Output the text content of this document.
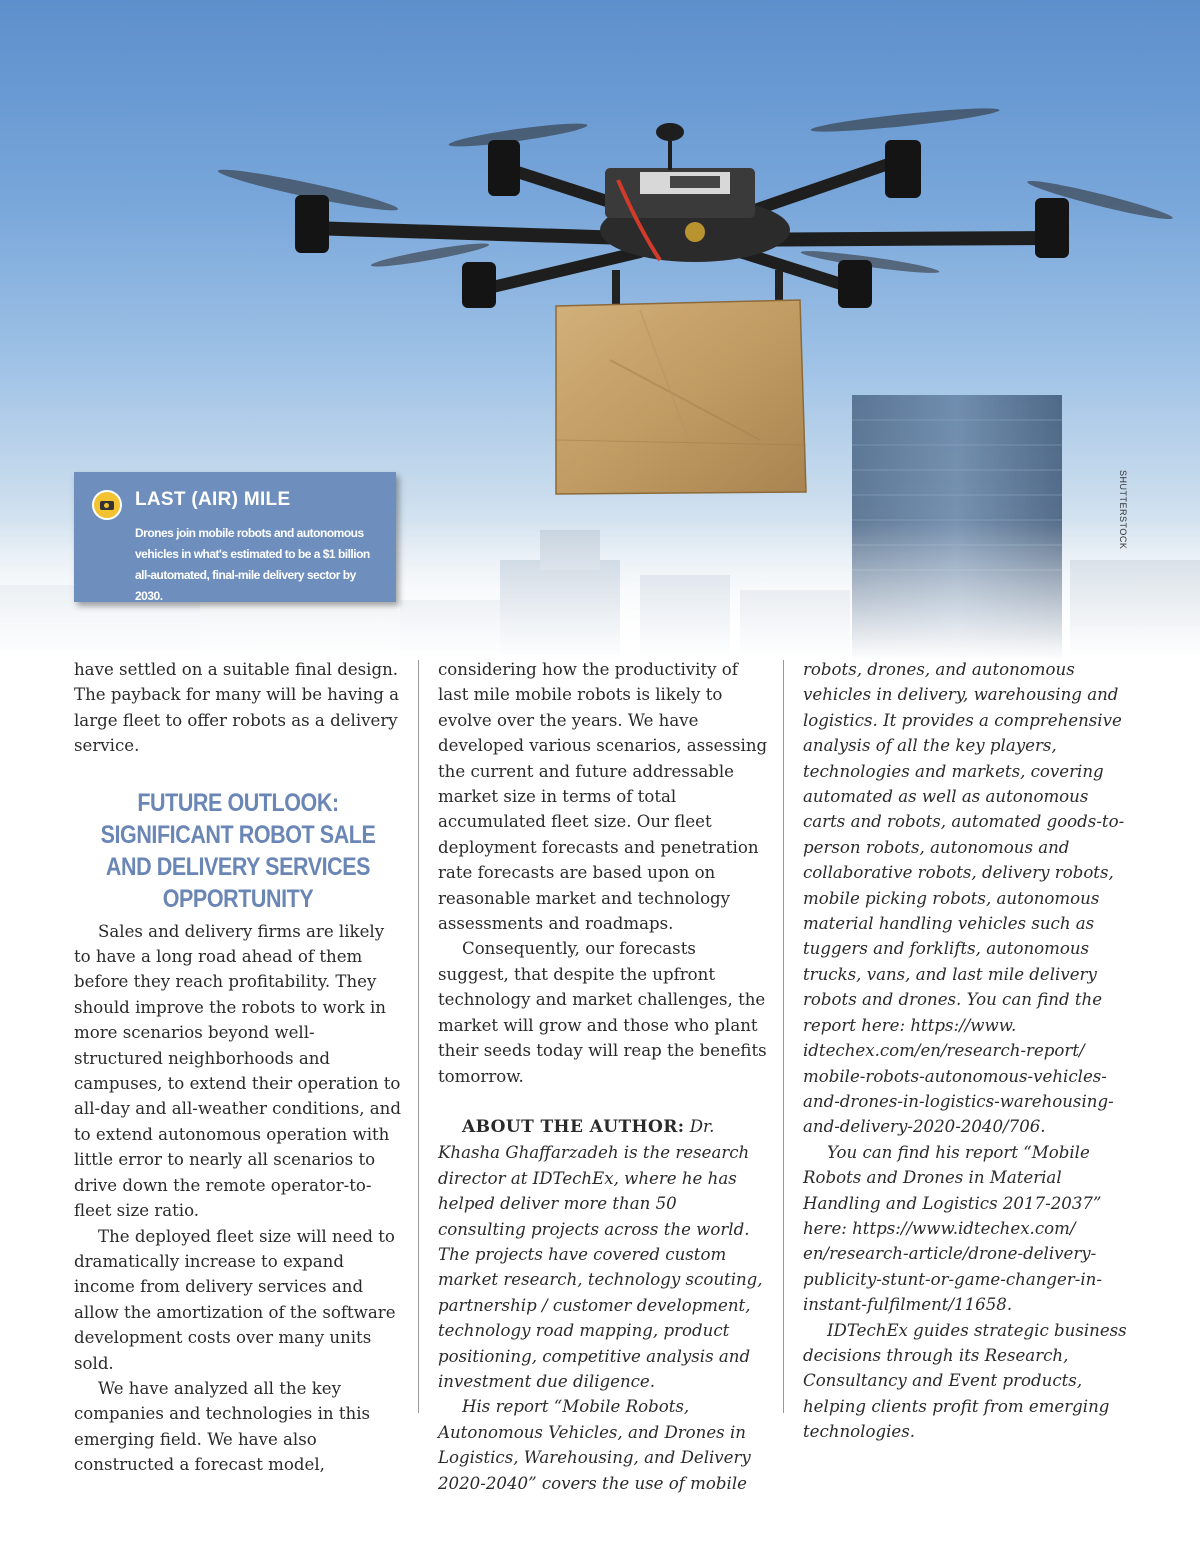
SHUTTERSTOCK
LAST (AIR) MILE
Drones join mobile robots and autonomous vehicles in what's estimated to be a $1 billion all-automated, final-mile delivery sector by 2030.

have settled on a suitable final design. The payback for many will be having a large fleet to offer robots as a delivery service.

FUTURE OUTLOOK: SIGNIFICANT ROBOT SALE AND DELIVERY SERVICES OPPORTUNITY

Sales and delivery firms are likely to have a long road ahead of them before they reach profitability. They should improve the robots to work in more scenarios beyond well-structured neighborhoods and campuses, to extend their operation to all-day and all-weather conditions, and to extend autonomous operation with little error to nearly all scenarios to drive down the remote operator-to-fleet size ratio.

The deployed fleet size will need to dramatically increase to expand income from delivery services and allow the amortization of the software development costs over many units sold.

We have analyzed all the key companies and technologies in this emerging field. We have also constructed a forecast model,

considering how the productivity of last mile mobile robots is likely to evolve over the years. We have developed various scenarios, assessing the current and future addressable market size in terms of total accumulated fleet size. Our fleet deployment forecasts and penetration rate forecasts are based upon on reasonable market and technology assessments and roadmaps.

Consequently, our forecasts suggest, that despite the upfront technology and market challenges, the market will grow and those who plant their seeds today will reap the benefits tomorrow.

ABOUT THE AUTHOR: Dr. Khasha Ghaffarzadeh is the research director at IDTechEx, where he has helped deliver more than 50 consulting projects across the world. The projects have covered custom market research, technology scouting, partnership / customer development, technology road mapping, product positioning, competitive analysis and investment due diligence.

His report “Mobile Robots, Autonomous Vehicles, and Drones in Logistics, Warehousing, and Delivery 2020-2040” covers the use of mobile

robots, drones, and autonomous vehicles in delivery, warehousing and logistics. It provides a comprehensive analysis of all the key players, technologies and markets, covering automated as well as autonomous carts and robots, automated goods-to-person robots, autonomous and collaborative robots, delivery robots, mobile picking robots, autonomous material handling vehicles such as tuggers and forklifts, autonomous trucks, vans, and last mile delivery robots and drones. You can find the report here: https://www. idtechex.com/en/research-report/ mobile-robots-autonomous-vehicles-and-drones-in-logistics-warehousing-and-delivery-2020-2040/706.

You can find his report “Mobile Robots and Drones in Material Handling and Logistics 2017-2037” here: https://www.idtechex.com/ en/research-article/drone-delivery-publicity-stunt-or-game-changer-in-instant-fulfilment/11658.

IDTechEx guides strategic business decisions through its Research, Consultancy and Event products, helping clients profit from emerging technologies.
